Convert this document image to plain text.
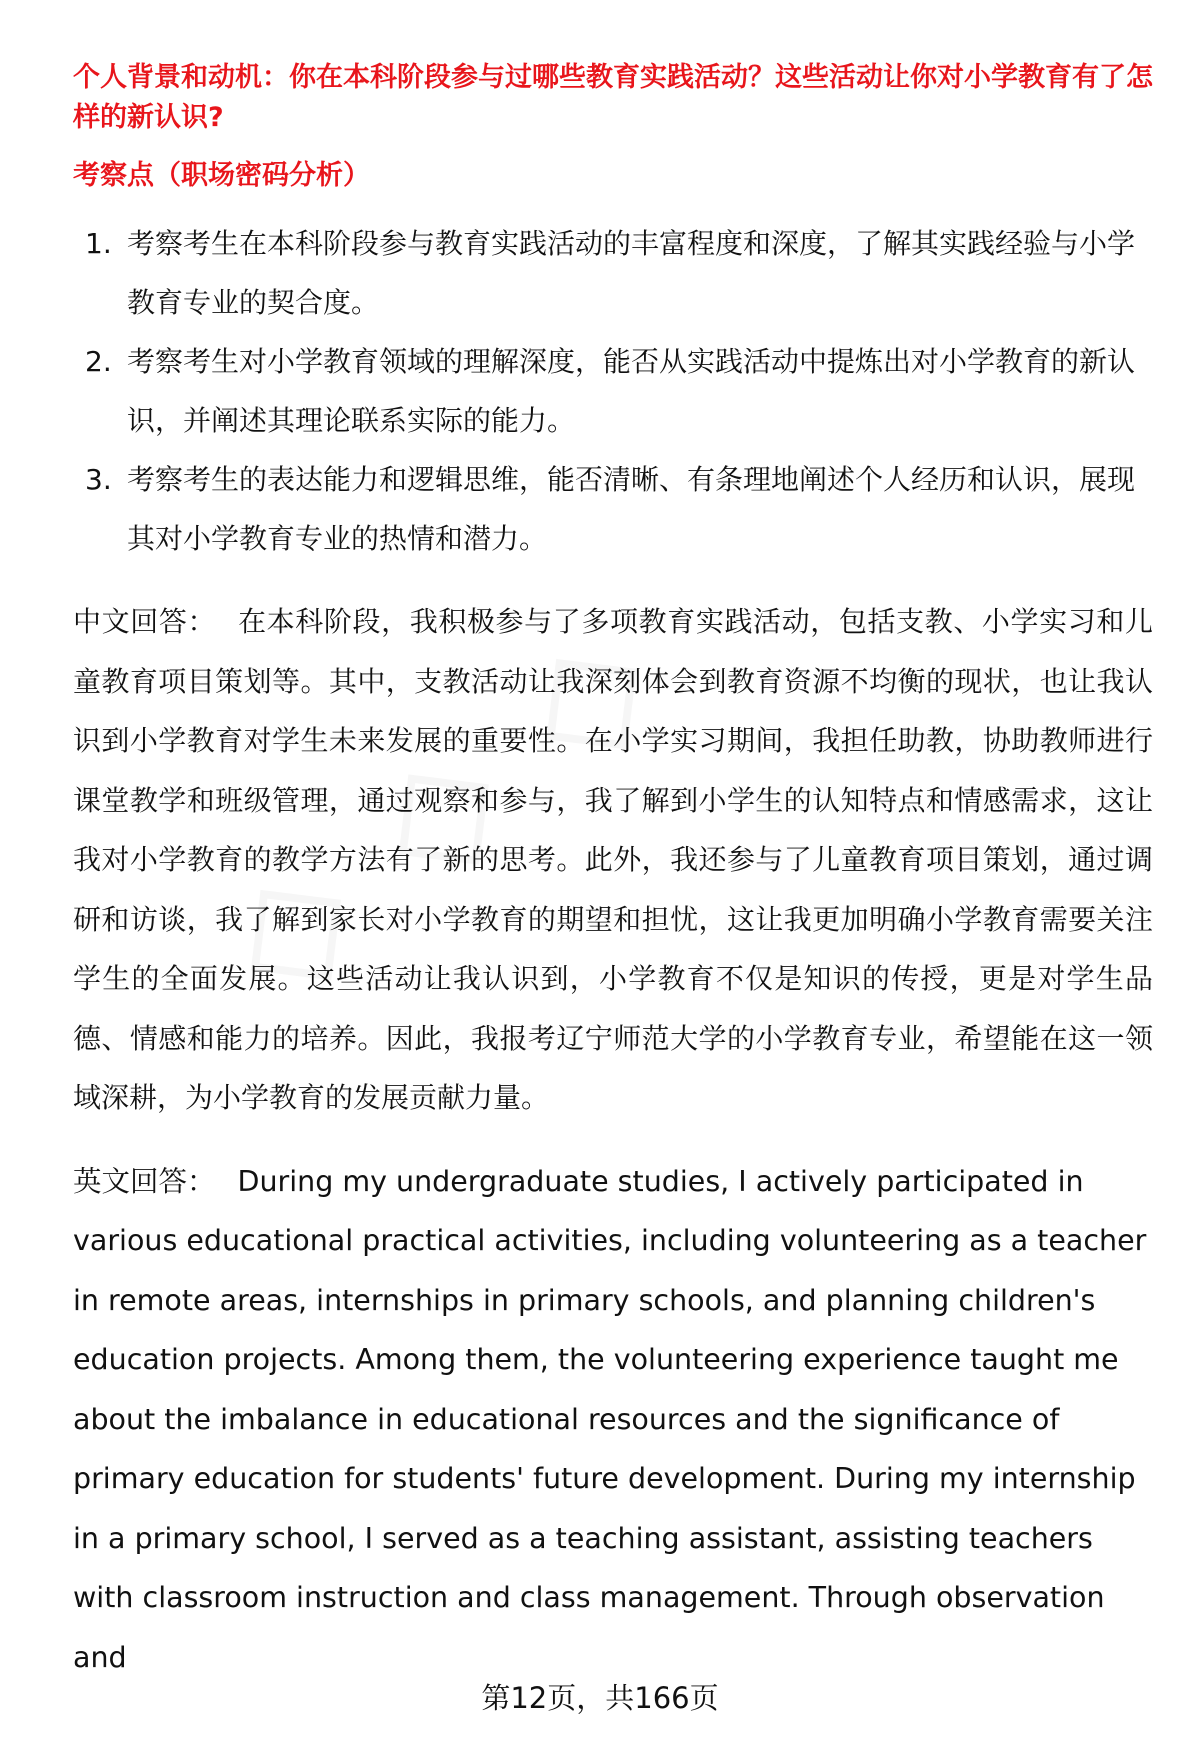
个人背景和动机：你在本科阶段参与过哪些教育实践活动？这些活动让你对小学教育有了怎样的新认识?

考察点（职场密码分析）

1. 考察考生在本科阶段参与教育实践活动的丰富程度和深度，了解其实践经验与小学教育专业的契合度。
2. 考察考生对小学教育领域的理解深度，能否从实践活动中提炼出对小学教育的新认识，并阐述其理论联系实际的能力。
3. 考察考生的表达能力和逻辑思维，能否清晰、有条理地阐述个人经历和认识，展现其对小学教育专业的热情和潜力。

中文回答： 在本科阶段，我积极参与了多项教育实践活动，包括支教、小学实习和儿童教育项目策划等。其中，支教活动让我深刻体会到教育资源不均衡的现状，也让我认识到小学教育对学生未来发展的重要性。在小学实习期间，我担任助教，协助教师进行课堂教学和班级管理，通过观察和参与，我了解到小学生的认知特点和情感需求，这让我对小学教育的教学方法有了新的思考。此外，我还参与了儿童教育项目策划，通过调研和访谈，我了解到家长对小学教育的期望和担忧，这让我更加明确小学教育需要关注学生的全面发展。这些活动让我认识到，小学教育不仅是知识的传授，更是对学生品德、情感和能力的培养。因此，我报考辽宁师范大学的小学教育专业，希望能在这一领域深耕，为小学教育的发展贡献力量。

英文回答： During my undergraduate studies, I actively participated in various educational practical activities, including volunteering as a teacher in remote areas, internships in primary schools, and planning children's education projects. Among them, the volunteering experience taught me about the imbalance in educational resources and the significance of primary education for students' future development. During my internship in a primary school, I served as a teaching assistant, assisting teachers with classroom instruction and class management. Through observation and

第12页，共166页
